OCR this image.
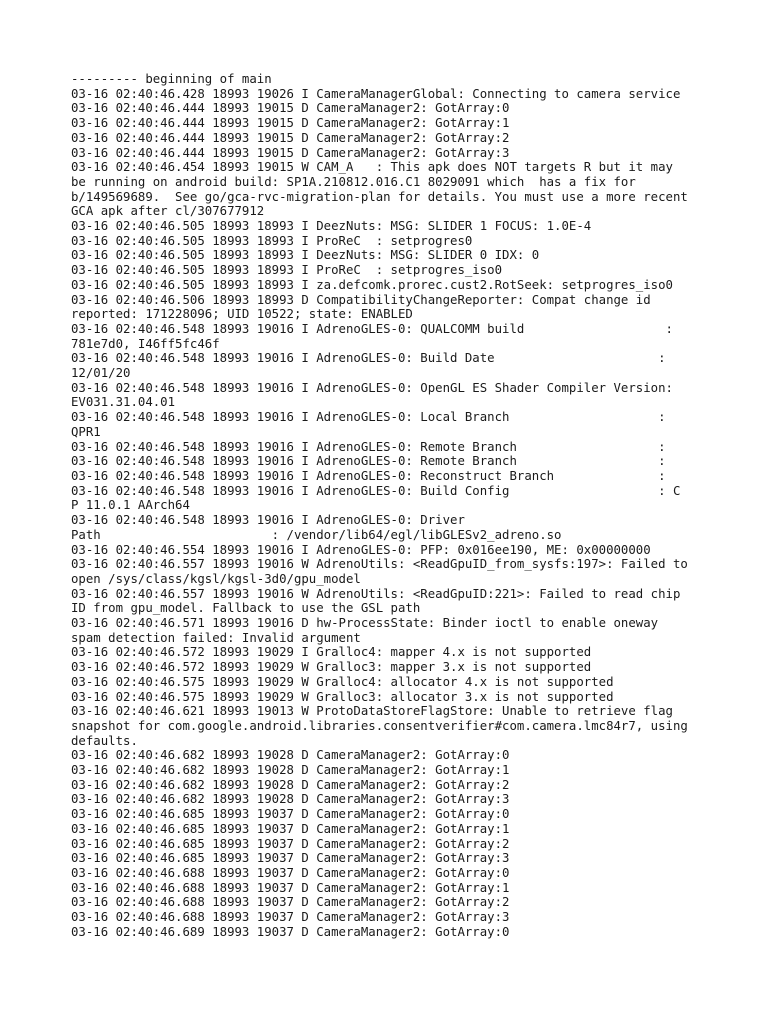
--------- beginning of main
03-16 02:40:46.428 18993 19026 I CameraManagerGlobal: Connecting to camera service
03-16 02:40:46.444 18993 19015 D CameraManager2: GotArray:0
03-16 02:40:46.444 18993 19015 D CameraManager2: GotArray:1
03-16 02:40:46.444 18993 19015 D CameraManager2: GotArray:2
03-16 02:40:46.444 18993 19015 D CameraManager2: GotArray:3
03-16 02:40:46.454 18993 19015 W CAM_A   : This apk does NOT targets R but it may
be running on android build: SP1A.210812.016.C1 8029091 which  has a fix for
b/149569689.  See go/gca-rvc-migration-plan for details. You must use a more recent
GCA apk after cl/307677912
03-16 02:40:46.505 18993 18993 I DeezNuts: MSG: SLIDER 1 FOCUS: 1.0E-4
03-16 02:40:46.505 18993 18993 I ProReC  : setprogres0
03-16 02:40:46.505 18993 18993 I DeezNuts: MSG: SLIDER 0 IDX: 0
03-16 02:40:46.505 18993 18993 I ProReC  : setprogres_iso0
03-16 02:40:46.505 18993 18993 I za.defcomk.prorec.cust2.RotSeek: setprogres_iso0
03-16 02:40:46.506 18993 18993 D CompatibilityChangeReporter: Compat change id
reported: 171228096; UID 10522; state: ENABLED
03-16 02:40:46.548 18993 19016 I AdrenoGLES-0: QUALCOMM build                   :
781e7d0, I46ff5fc46f
03-16 02:40:46.548 18993 19016 I AdrenoGLES-0: Build Date                      :
12/01/20
03-16 02:40:46.548 18993 19016 I AdrenoGLES-0: OpenGL ES Shader Compiler Version:
EV031.31.04.01
03-16 02:40:46.548 18993 19016 I AdrenoGLES-0: Local Branch                    :
QPR1
03-16 02:40:46.548 18993 19016 I AdrenoGLES-0: Remote Branch                   :
03-16 02:40:46.548 18993 19016 I AdrenoGLES-0: Remote Branch                   :
03-16 02:40:46.548 18993 19016 I AdrenoGLES-0: Reconstruct Branch              :
03-16 02:40:46.548 18993 19016 I AdrenoGLES-0: Build Config                    : C
P 11.0.1 AArch64
03-16 02:40:46.548 18993 19016 I AdrenoGLES-0: Driver
Path                       : /vendor/lib64/egl/libGLESv2_adreno.so
03-16 02:40:46.554 18993 19016 I AdrenoGLES-0: PFP: 0x016ee190, ME: 0x00000000
03-16 02:40:46.557 18993 19016 W AdrenoUtils: <ReadGpuID_from_sysfs:197>: Failed to
open /sys/class/kgsl/kgsl-3d0/gpu_model
03-16 02:40:46.557 18993 19016 W AdrenoUtils: <ReadGpuID:221>: Failed to read chip
ID from gpu_model. Fallback to use the GSL path
03-16 02:40:46.571 18993 19016 D hw-ProcessState: Binder ioctl to enable oneway
spam detection failed: Invalid argument
03-16 02:40:46.572 18993 19029 I Gralloc4: mapper 4.x is not supported
03-16 02:40:46.572 18993 19029 W Gralloc3: mapper 3.x is not supported
03-16 02:40:46.575 18993 19029 W Gralloc4: allocator 4.x is not supported
03-16 02:40:46.575 18993 19029 W Gralloc3: allocator 3.x is not supported
03-16 02:40:46.621 18993 19013 W ProtoDataStoreFlagStore: Unable to retrieve flag
snapshot for com.google.android.libraries.consentverifier#com.camera.lmc84r7, using
defaults.
03-16 02:40:46.682 18993 19028 D CameraManager2: GotArray:0
03-16 02:40:46.682 18993 19028 D CameraManager2: GotArray:1
03-16 02:40:46.682 18993 19028 D CameraManager2: GotArray:2
03-16 02:40:46.682 18993 19028 D CameraManager2: GotArray:3
03-16 02:40:46.685 18993 19037 D CameraManager2: GotArray:0
03-16 02:40:46.685 18993 19037 D CameraManager2: GotArray:1
03-16 02:40:46.685 18993 19037 D CameraManager2: GotArray:2
03-16 02:40:46.685 18993 19037 D CameraManager2: GotArray:3
03-16 02:40:46.688 18993 19037 D CameraManager2: GotArray:0
03-16 02:40:46.688 18993 19037 D CameraManager2: GotArray:1
03-16 02:40:46.688 18993 19037 D CameraManager2: GotArray:2
03-16 02:40:46.688 18993 19037 D CameraManager2: GotArray:3
03-16 02:40:46.689 18993 19037 D CameraManager2: GotArray:0
